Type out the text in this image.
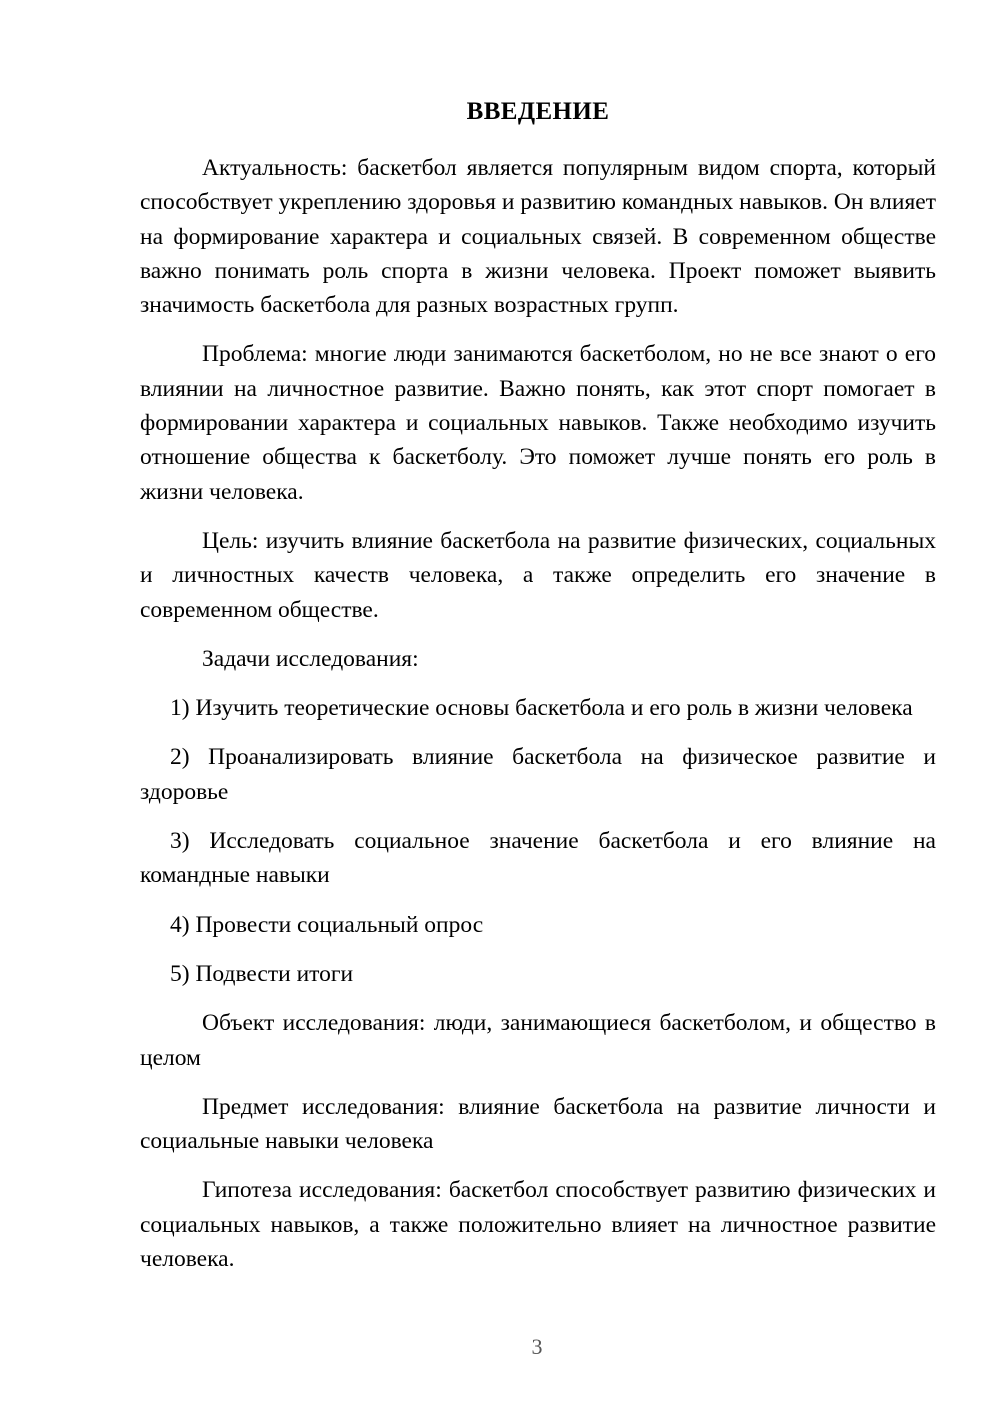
ВВЕДЕНИЕ

Актуальность: баскетбол является популярным видом спорта, который способствует укреплению здоровья и развитию командных навыков. Он влияет на формирование характера и социальных связей. В современном обществе важно понимать роль спорта в жизни человека. Проект поможет выявить значимость баскетбола для разных возрастных групп.

Проблема: многие люди занимаются баскетболом, но не все знают о его влиянии на личностное развитие. Важно понять, как этот спорт помогает в формировании характера и социальных навыков. Также необходимо изучить отношение общества к баскетболу. Это поможет лучше понять его роль в жизни человека.

Цель: изучить влияние баскетбола на развитие физических, социальных и личностных качеств человека, а также определить его значение в современном обществе.

Задачи исследования:

1) Изучить теоретические основы баскетбола и его роль в жизни человека

2) Проанализировать влияние баскетбола на физическое развитие и здоровье

3) Исследовать социальное значение баскетбола и его влияние на командные навыки

4) Провести социальный опрос

5) Подвести итоги

Объект исследования: люди, занимающиеся баскетболом, и общество в целом

Предмет исследования: влияние баскетбола на развитие личности и социальные навыки человека

Гипотеза исследования: баскетбол способствует развитию физических и социальных навыков, а также положительно влияет на личностное развитие человека.

3
